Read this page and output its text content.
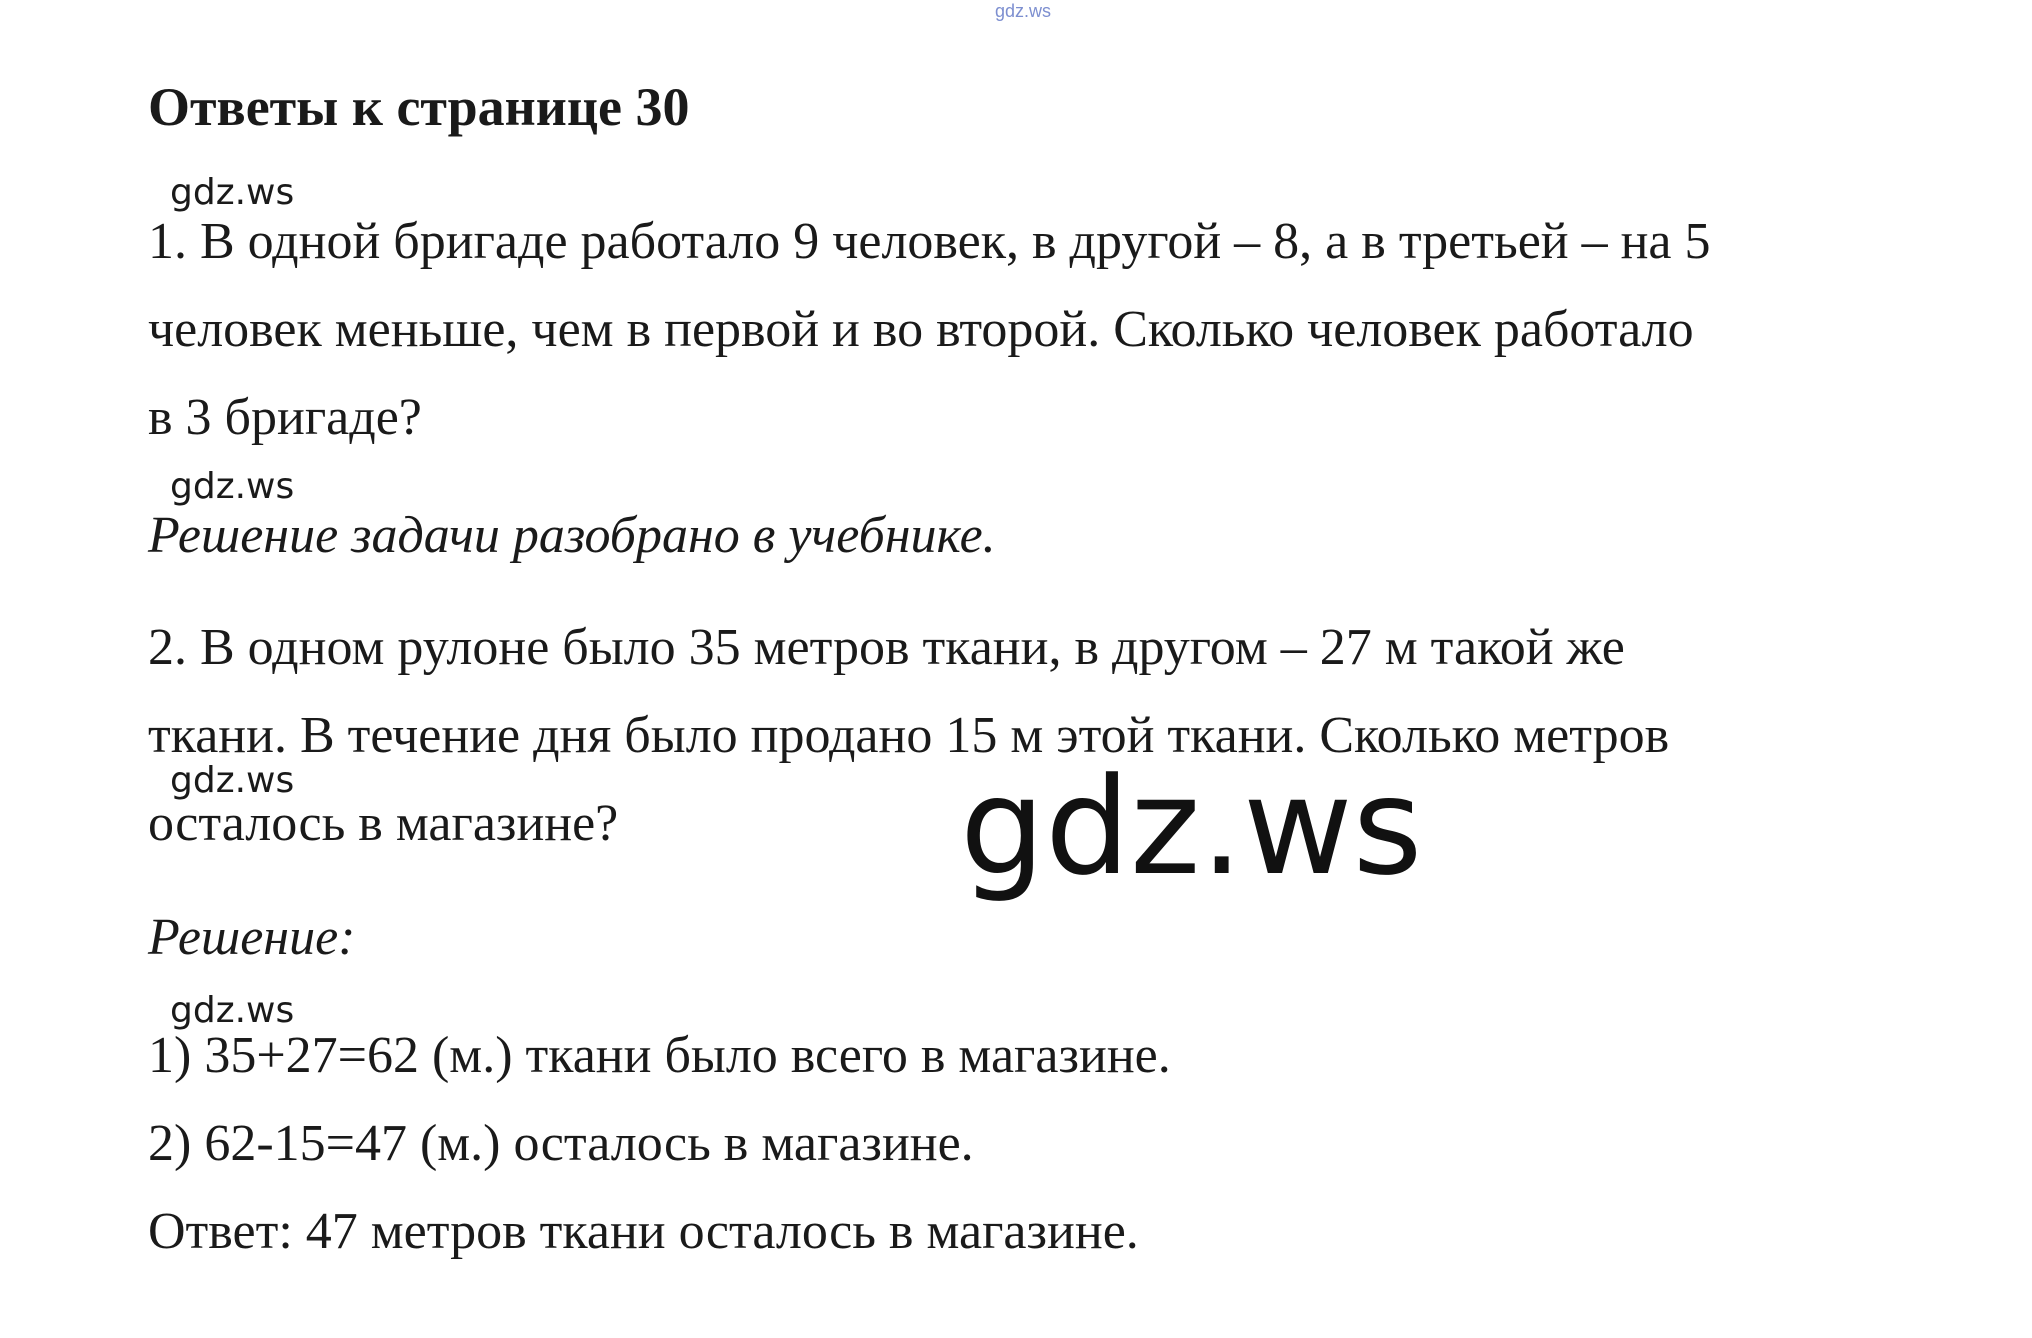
gdz.ws
Ответы к странице 30
gdz.ws
1. В одной бригаде работало 9 человек, в другой – 8, а в третьей – на 5
человек меньше, чем в первой и во второй. Сколько человек работало
в 3 бригаде?
gdz.ws
Решение задачи разобрано в учебнике.
2. В одном рулоне было 35 метров ткани, в другом – 27 м такой же
ткани. В течение дня было продано 15 м этой ткани. Сколько метров
gdz.ws
осталось в магазине?	gdz.ws
Решение:
gdz.ws
1) 35+27=62 (м.) ткани было всего в магазине.
2) 62-15=47 (м.) осталось в магазине.
Ответ: 47 метров ткани осталось в магазине.
